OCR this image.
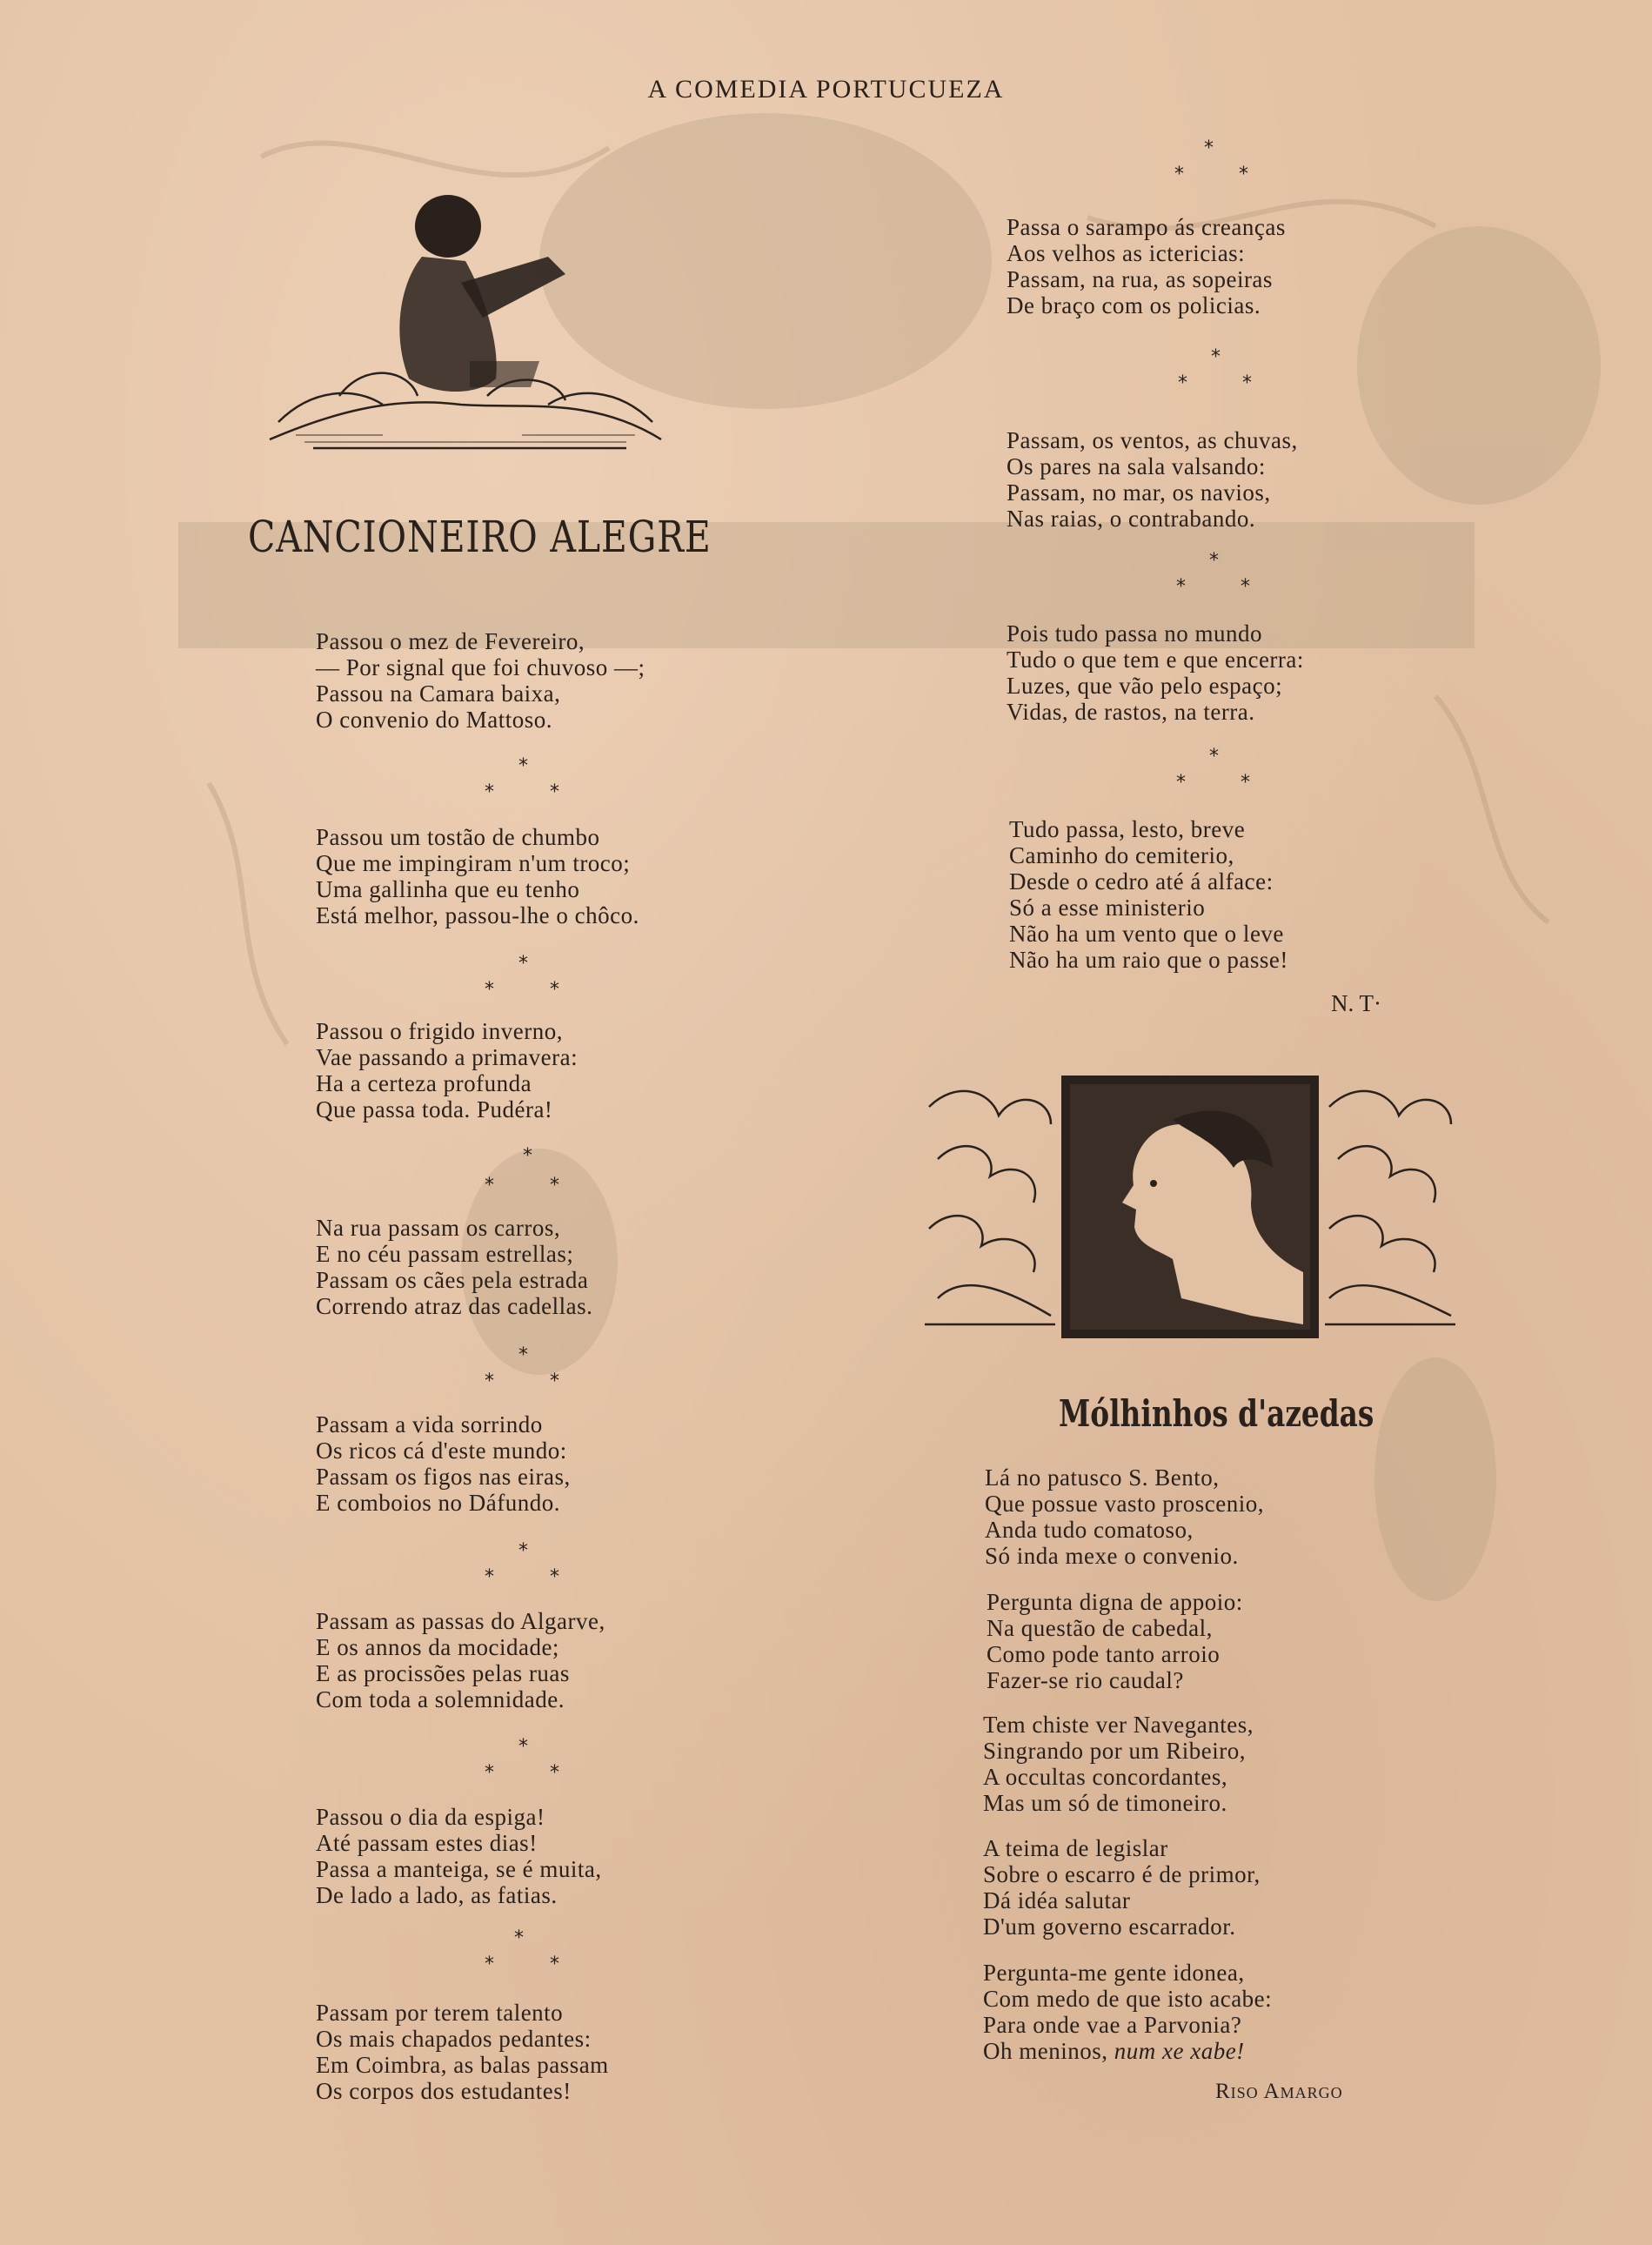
A COMEDIA PORTUCUEZA
CANCIONEIRO ALEGRE
Passou o mez de Fevereiro,
— Por signal que foi chuvoso —;
Passou na Camara baixa,
O convenio do Mattoso.
*
*	*
Passou um tostão de chumbo
Que me impingiram n'um troco;
Uma gallinha que eu tenho
Está melhor, passou-lhe o chôco.
*
*	*
Passou o frigido inverno,
Vae passando a primavera:
Ha a certeza profunda
Que passa toda. Pudéra!
*
*	*
Na rua passam os carros,
E no céu passam estrellas;
Passam os cães pela estrada
Correndo atraz das cadellas.
*
*	*
Passam a vida sorrindo
Os ricos cá d'este mundo:
Passam os figos nas eiras,
E comboios no Dáfundo.
*
*	*
Passam as passas do Algarve,
E os annos da mocidade;
E as procissões pelas ruas
Com toda a solemnidade.
*
*	*
Passou o dia da espiga!
Até passam estes dias!
Passa a manteiga, se é muita,
De lado a lado, as fatias.
*
*	*
Passam por terem talento
Os mais chapados pedantes:
Em Coimbra, as balas passam
Os corpos dos estudantes!
*
*	*
Passa o sarampo ás creanças
Aos velhos as ictericias:
Passam, na rua, as sopeiras
De braço com os policias.
*
*	*
Passam, os ventos, as chuvas,
Os pares na sala valsando:
Passam, no mar, os navios,
Nas raias, o contrabando.
*
*	*
Pois tudo passa no mundo
Tudo o que tem e que encerra:
Luzes, que vão pelo espaço;
Vidas, de rastos, na terra.
*
*	*
Tudo passa, lesto, breve
Caminho do cemiterio,
Desde o cedro até á alface:
Só a esse ministerio
Não ha um vento que o leve
Não ha um raio que o passe!
N. T·
Mólhinhos d'azedas
Lá no patusco S. Bento,
Que possue vasto proscenio,
Anda tudo comatoso,
Só inda mexe o convenio.
Pergunta digna de appoio:
Na questão de cabedal,
Como pode tanto arroio
Fazer-se rio caudal?
Tem chiste ver Navegantes,
Singrando por um Ribeiro,
A occultas concordantes,
Mas um só de timoneiro.
A teima de legislar
Sobre o escarro é de primor,
Dá idéa salutar
D'um governo escarrador.
Pergunta-me gente idonea,
Com medo de que isto acabe:
Para onde vae a Parvonia?
Oh meninos, num xe xabe!
Riso Amargo
